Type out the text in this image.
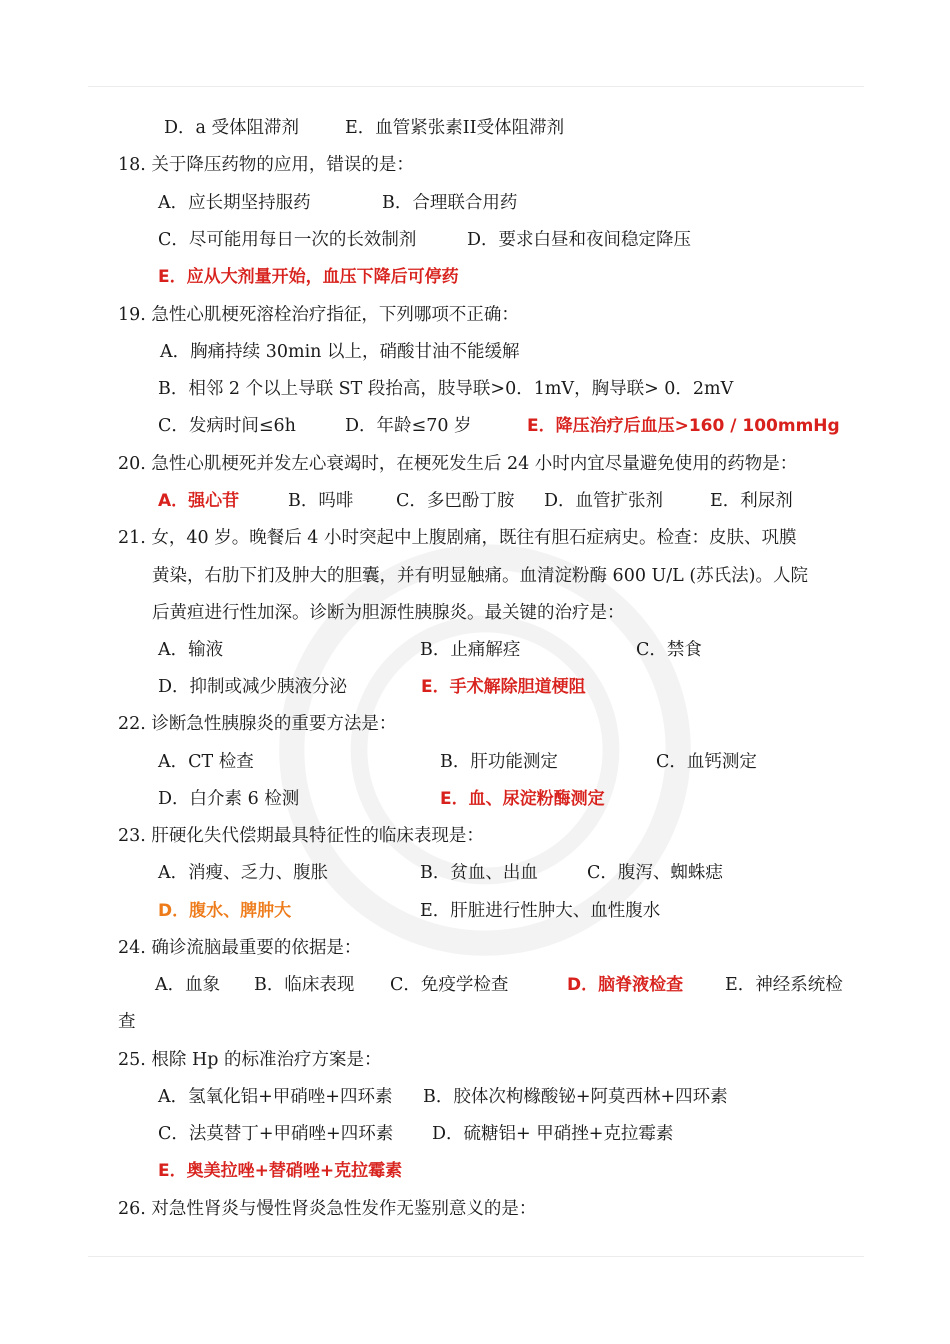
D．a 受体阻滞剂	E．血管紧张素II受体阻滞剂
18. 关于降压药物的应用，错误的是：
A．应长期坚持服药	B．合理联合用药
C．尽可能用每日一次的长效制剂	D．要求白昼和夜间稳定降压
E．应从大剂量开始，血压下降后可停药
19. 急性心肌梗死溶栓治疗指征，下列哪项不正确：
A．胸痛持续 30min 以上，硝酸甘油不能缓解
B．相邻 2 个以上导联 ST 段抬高，肢导联>0．1mV，胸导联> 0．2mV
C．发病时间≤6h	D．年龄≤70 岁	E．降压治疗后血压>160 / 100mmHg
20. 急性心肌梗死并发左心衰竭时，在梗死发生后 24 小时内宜尽量避免使用的药物是：
A．强心苷	B．吗啡 C．多巴酚丁胺 D．血管扩张剂	E．利尿剂
21. 女，40 岁。晚餐后 4 小时突起中上腹剧痛，既往有胆石症病史。检查：皮肤、巩膜
黄染，右肋下扪及肿大的胆囊，并有明显触痛。血清淀粉酶 600 U/L (苏氏法)。人院
后黄疸进行性加深。诊断为胆源性胰腺炎。最关键的治疗是：
A．输液	B．止痛解痉	C．禁食
D．抑制或减少胰液分泌	E．手术解除胆道梗阻
22. 诊断急性胰腺炎的重要方法是：
A．CT 检查	B．肝功能测定	C．血钙测定
D．白介素 6 检测	E．血、尿淀粉酶测定
23. 肝硬化失代偿期最具特征性的临床表现是：
A．消瘦、乏力、腹胀	B．贫血、出血	C．腹泻、蜘蛛痣
D．腹水、脾肿大	E．肝脏进行性肿大、血性腹水
24. 确诊流脑最重要的依据是：
A．血象 B．临床表现 C．免疫学检查	D．脑脊液检查 E．神经系统检
查
25. 根除 Hp 的标准治疗方案是：
A．氢氧化铝+甲硝唑+四环素 B．胶体次枸橼酸铋+阿莫西林+四环素
C．法莫替丁+甲硝唑+四环素 D．硫糖铝+ 甲硝挫+克拉霉素
E．奥美拉唑+替硝唑+克拉霉素
26. 对急性肾炎与慢性肾炎急性发作无鉴别意义的是：
